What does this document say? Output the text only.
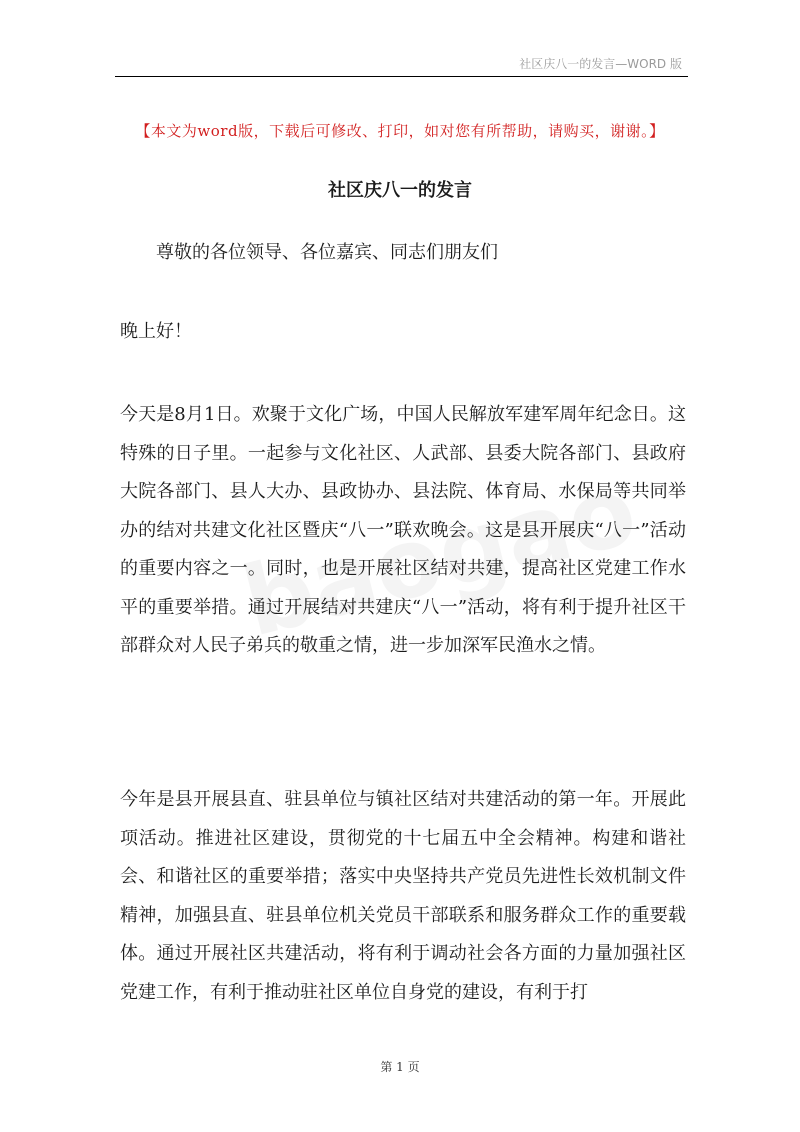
社区庆八一的发言—WORD 版
【本文为word版，下载后可修改、打印，如对您有所帮助，请购买，谢谢。】
社区庆八一的发言
尊敬的各位领导、各位嘉宾、同志们朋友们
晚上好！

今天是8月1日。欢聚于文化广场，中国人民解放军建军周年纪念日。这特殊的日子里。一起参与文化社区、人武部、县委大院各部门、县政府大院各部门、县人大办、县政协办、县法院、体育局、水保局等共同举办的结对共建文化社区暨庆“八一”联欢晚会。这是县开展庆“八一”活动的重要内容之一。同时，也是开展社区结对共建，提高社区党建工作水平的重要举措。通过开展结对共建庆“八一”活动，将有利于提升社区干部群众对人民子弟兵的敬重之情，进一步加深军民渔水之情。

今年是县开展县直、驻县单位与镇社区结对共建活动的第一年。开展此项活动。推进社区建设，贯彻党的十七届五中全会精神。构建和谐社会、和谐社区的重要举措；落实中央坚持共产党员先进性长效机制文件精神，加强县直、驻县单位机关党员干部联系和服务群众工作的重要载体。通过开展社区共建活动，将有利于调动社会各方面的力量加强社区党建工作，有利于推动驻社区单位自身党的建设，有利于打

第 1 页
